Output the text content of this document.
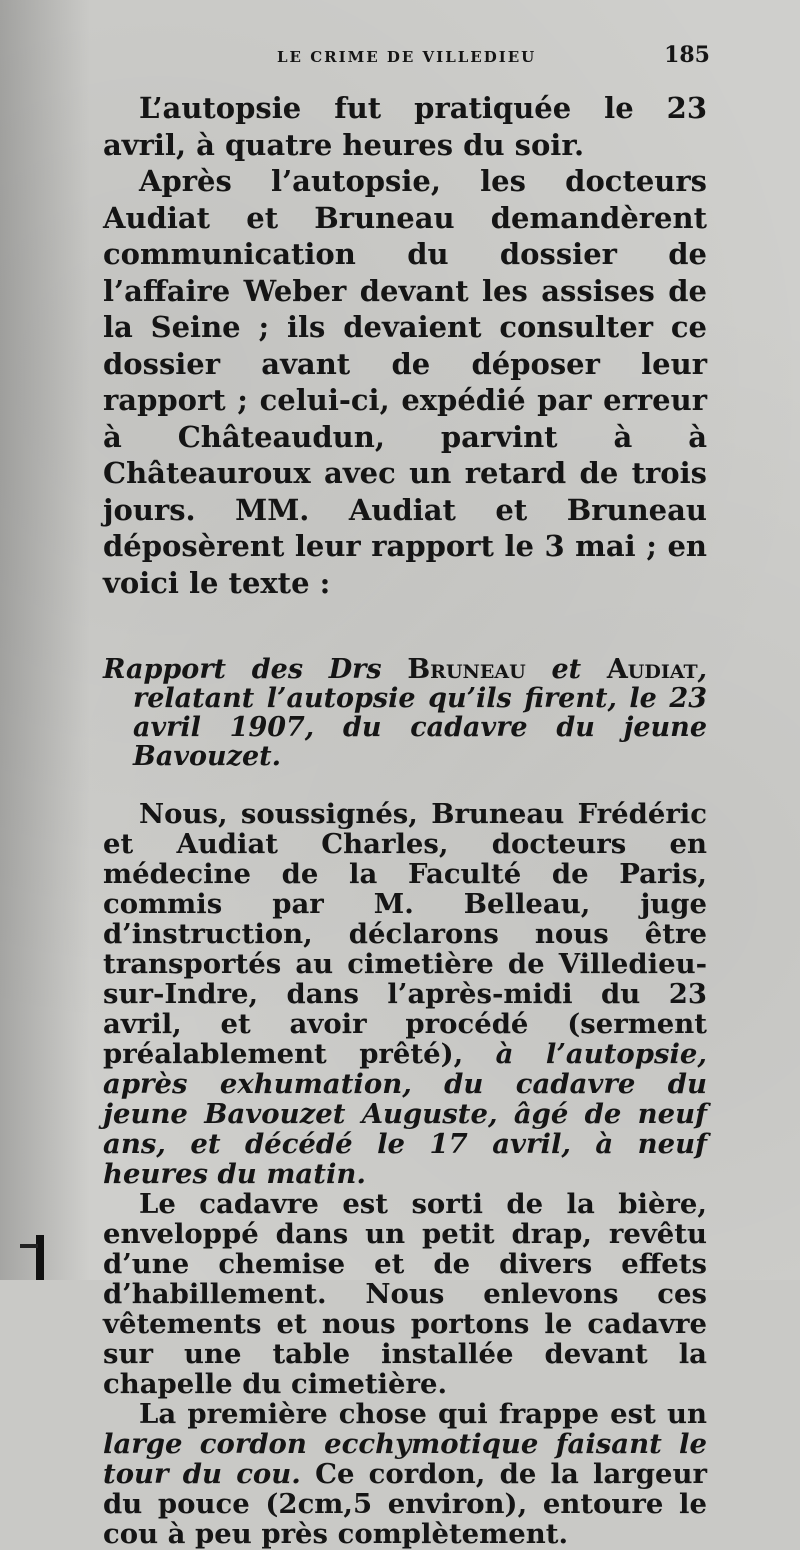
LE CRIME DE VILLEDIEU	185

L’autopsie fut pratiquée le 23 avril, à quatre heures du soir.

Après l’autopsie, les docteurs Audiat et Bruneau demandèrent communication du dossier de l’affaire Weber devant les assises de la Seine ; ils devaient consulter ce dossier avant de déposer leur rapport ; celui-ci, expédié par erreur à Châteaudun, parvint à à Châteauroux avec un retard de trois jours. MM. Audiat et Bruneau déposèrent leur rapport le 3 mai ; en voici le texte :

Rapport des Drs Bruneau et Audiat, relatant l’autopsie qu’ils firent, le 23 avril 1907, du cadavre du jeune Bavouzet.

Nous, soussignés, Bruneau Frédéric et Audiat Charles, docteurs en médecine de la Faculté de Paris, commis par M. Belleau, juge d’instruction, déclarons nous être transportés au cimetière de Villedieu-sur-Indre, dans l’après-midi du 23 avril, et avoir procédé (serment préalablement prêté), à l’autopsie, après exhumation, du cadavre du jeune Bavouzet Auguste, âgé de neuf ans, et décédé le 17 avril, à neuf heures du matin.

Le cadavre est sorti de la bière, enveloppé dans un petit drap, revêtu d’une chemise et de divers effets d’habillement. Nous enlevons ces vêtements et nous portons le cadavre sur une table installée devant la chapelle du cimetière.

La première chose qui frappe est un large cordon ecchymotique faisant le tour du cou. Ce cordon, de la largeur du pouce (2cm,5 environ), entoure le cou à peu près complètement.
